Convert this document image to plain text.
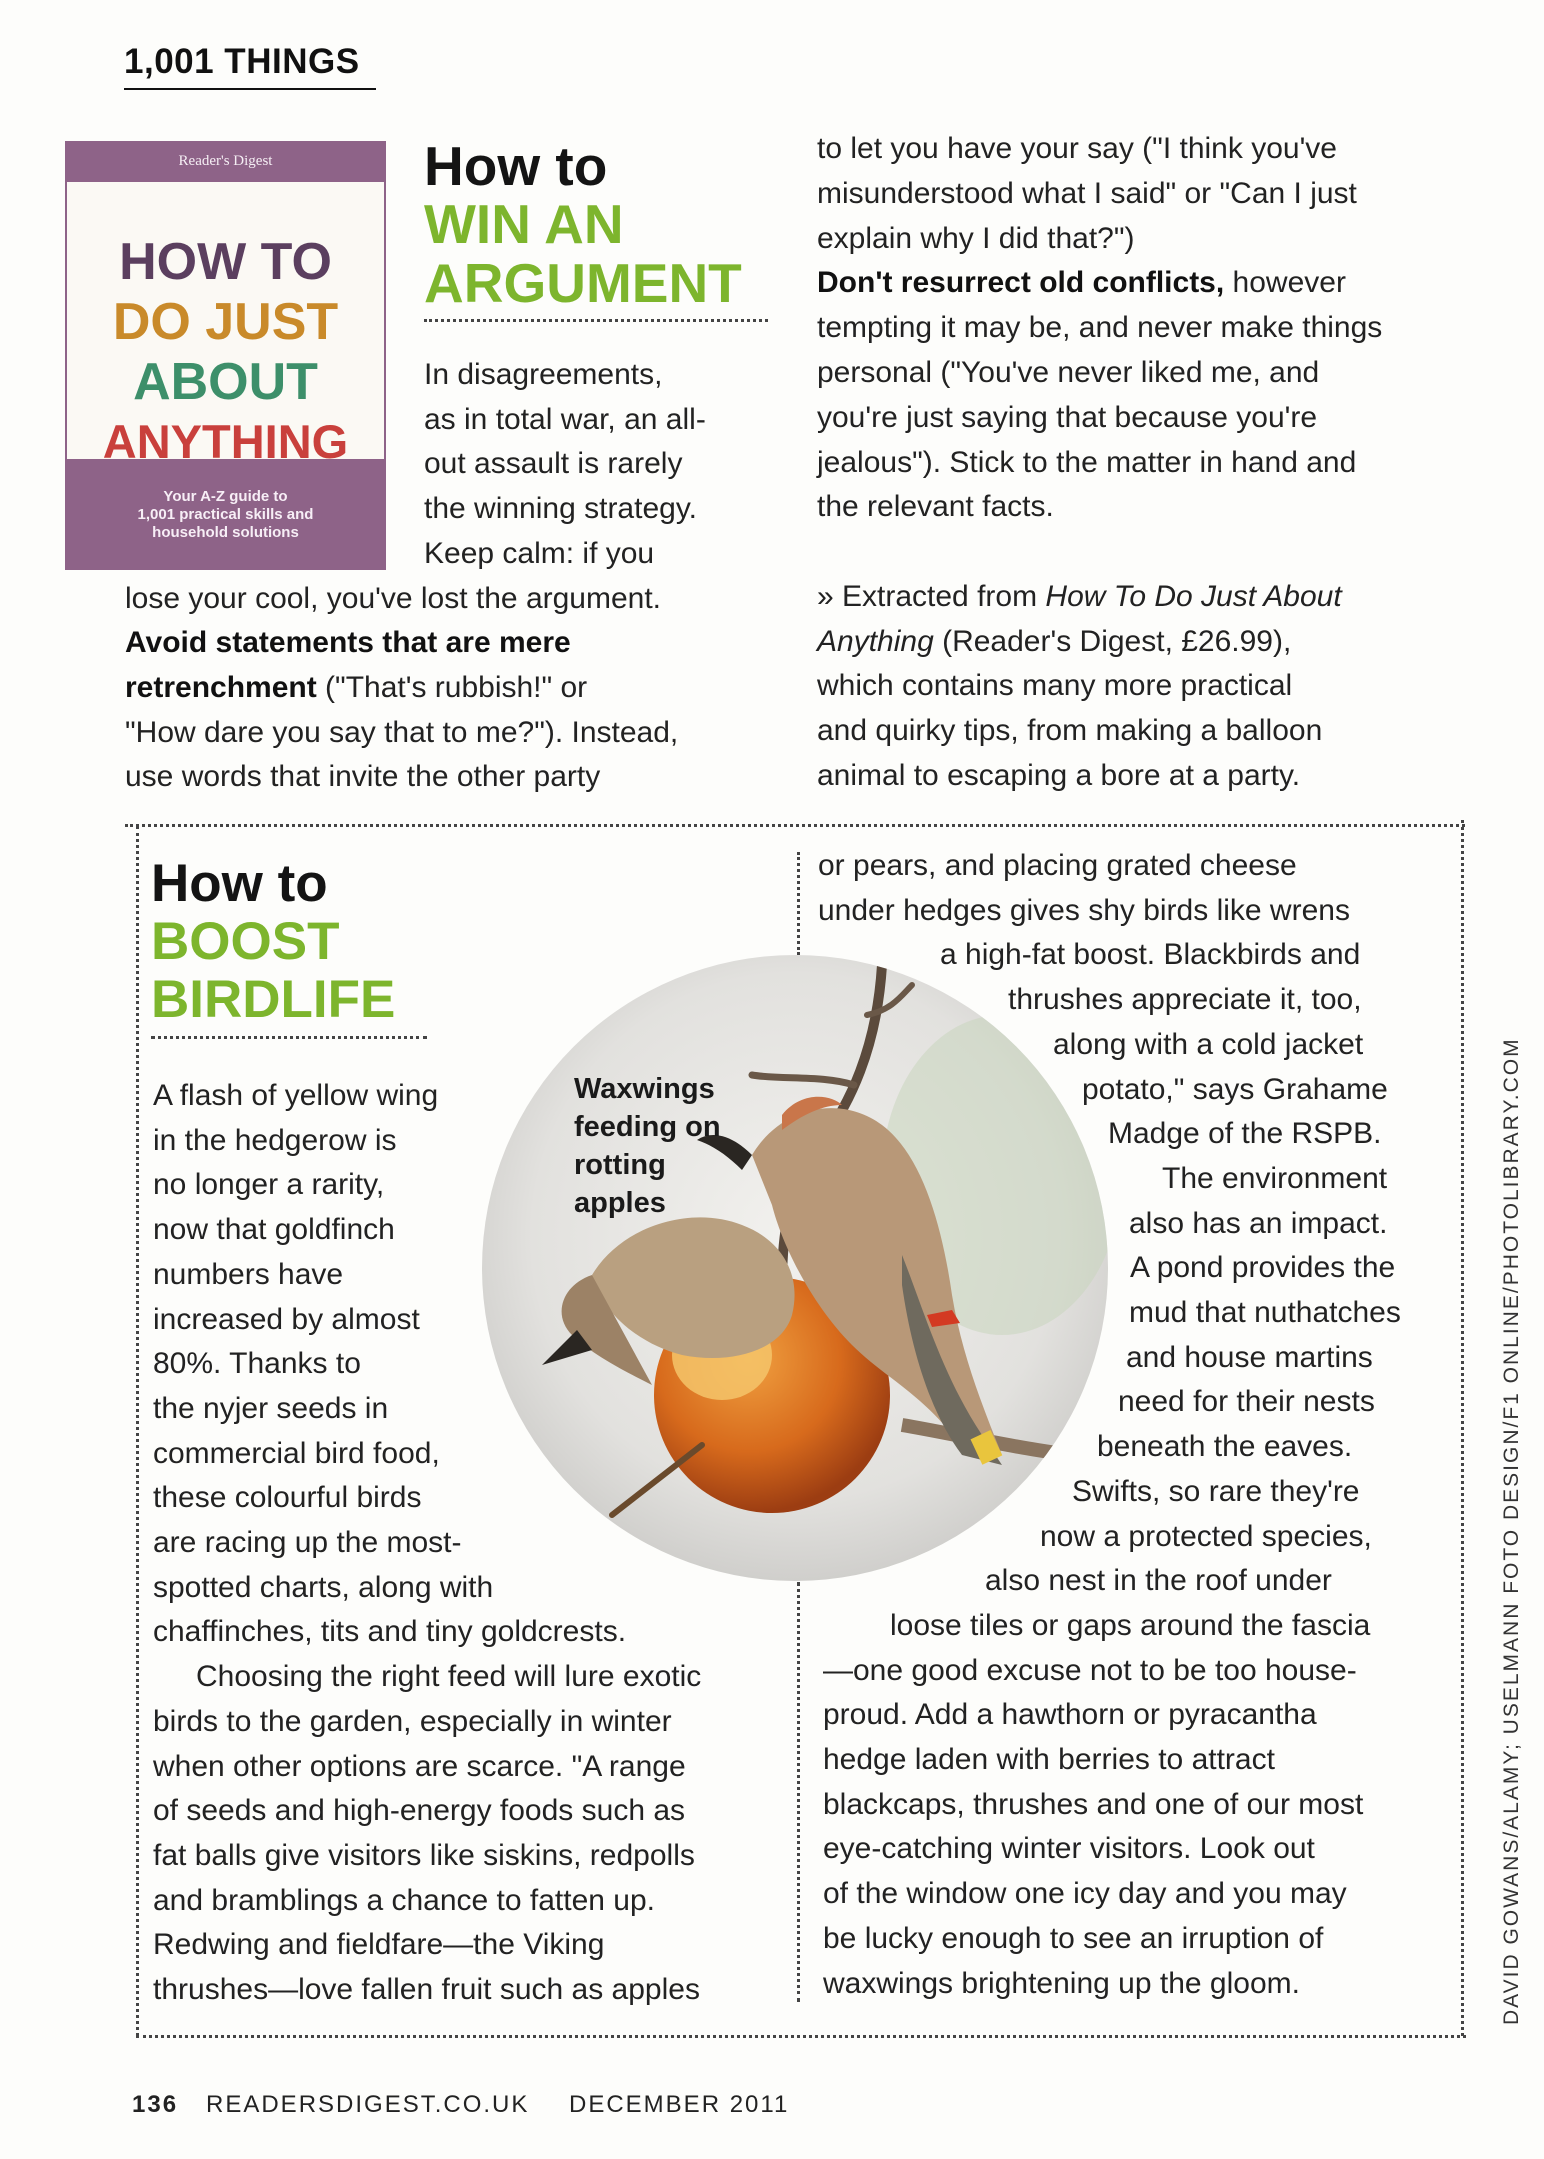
1,001 THINGS
Reader's Digest
HOW TO
DO JUST
ABOUT
ANYTHING
Your A-Z guide to
1,001 practical skills and
household solutions
How to
WIN AN
ARGUMENT
In disagreements,
as in total war, an all-
out assault is rarely
the winning strategy.
Keep calm: if you
lose your cool, you've lost the argument.
Avoid statements that are mere
retrenchment ("That's rubbish!" or
"How dare you say that to me?"). Instead,
use words that invite the other party
to let you have your say ("I think you've
misunderstood what I said" or "Can I just
explain why I did that?")
Don't resurrect old conflicts, however
tempting it may be, and never make things
personal ("You've never liked me, and
you're just saying that because you're
jealous"). Stick to the matter in hand and
the relevant facts.
» Extracted from How To Do Just About
Anything (Reader's Digest, £26.99),
which contains many more practical
and quirky tips, from making a balloon
animal to escaping a bore at a party.
How to
BOOST
BIRDLIFE
Waxwings
feeding on
rotting
apples
A flash of yellow wing
in the hedgerow is
no longer a rarity,
now that goldfinch
numbers have
increased by almost
80%. Thanks to
the nyjer seeds in
commercial bird food,
these colourful birds
are racing up the most-
spotted charts, along with
chaffinches, tits and tiny goldcrests.
Choosing the right feed will lure exotic
birds to the garden, especially in winter
when other options are scarce. "A range
of seeds and high-energy foods such as
fat balls give visitors like siskins, redpolls
and bramblings a chance to fatten up.
Redwing and fieldfare—the Viking
thrushes—love fallen fruit such as apples
or pears, and placing grated cheese
under hedges gives shy birds like wrens
a high-fat boost. Blackbirds and
thrushes appreciate it, too,
along with a cold jacket
potato," says Grahame
Madge of the RSPB.
The environment
also has an impact.
A pond provides the
mud that nuthatches
and house martins
need for their nests
beneath the eaves.
Swifts, so rare they're
now a protected species,
also nest in the roof under
loose tiles or gaps around the fascia
—one good excuse not to be too house-
proud. Add a hawthorn or pyracantha
hedge laden with berries to attract
blackcaps, thrushes and one of our most
eye-catching winter visitors. Look out
of the window one icy day and you may
be lucky enough to see an irruption of
waxwings brightening up the gloom.	DAVID GOWANS/ALAMY; USELMANN FOTO DESIGN/F1 ONLINE/PHOTOLIBRARY.COM
136 READERSDIGEST.CO.UK DECEMBER 2011
